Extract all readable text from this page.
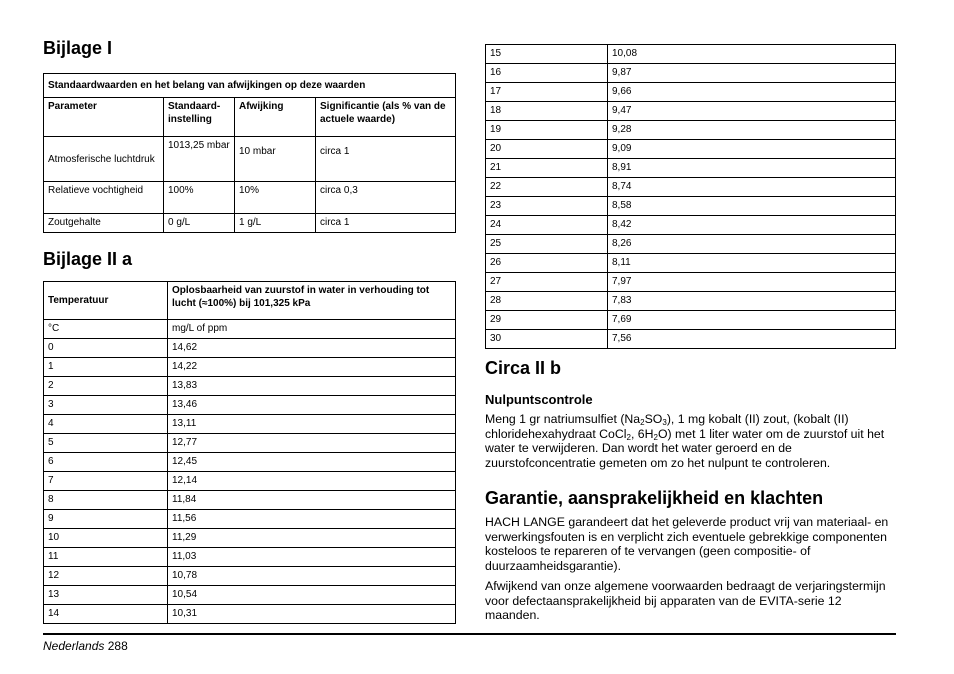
Bijlage I
Standaardwaarden en het belang van afwijkingen op deze waarden			
Parameter	Standaard-instelling	Afwijking	Significantie (als % van de actuele waarde)
Atmosferische luchtdruk	1013,25 mbar	10 mbar	circa 1
Relatieve vochtigheid	100%	10%	circa 0,3
Zoutgehalte	0 g/L	1 g/L	circa 1
Bijlage II a
Temperatuur	Oplosbaarheid van zuurstof in water in verhouding tot lucht (≈100%) bij 101,325 kPa
°C	mg/L of ppm
0	14,62
1	14,22
2	13,83
3	13,46
4	13,11
5	12,77
6	12,45
7	12,14
8	11,84
9	11,56
10	11,29
11	11,03
12	10,78
13	10,54
14	10,31
15	10,08
16	9,87
17	9,66
18	9,47
19	9,28
20	9,09
21	8,91
22	8,74
23	8,58
24	8,42
25	8,26
26	8,11
27	7,97
28	7,83
29	7,69
30	7,56
Circa II b
Nulpuntscontrole

Meng 1 gr natriumsulfiet $(Na_2SO_3)$, 1 mg kobalt (II) zout, (kobalt (II) chloridehexahydraat CoCl$_2$, $6H_2O$) met 1 liter water om de zuurstof uit het water te verwijderen. Dan wordt het water geroerd en de zuurstofconcentratie gemeten om zo het nulpunt te controleren.

Garantie, aansprakelijkheid en klachten

HACH LANGE garandeert dat het geleverde product vrij van materiaal- en verwerkingsfouten is en verplicht zich eventuele gebrekkige componenten kosteloos te repareren of te vervangen (geen compositie- of duurzaamheidsgarantie).

Afwijkend van onze algemene voorwaarden bedraagt de verjaringstermijn voor defectaansprakelijkheid bij apparaten van de EVITA-serie 12 maanden.

Nederlands 288
